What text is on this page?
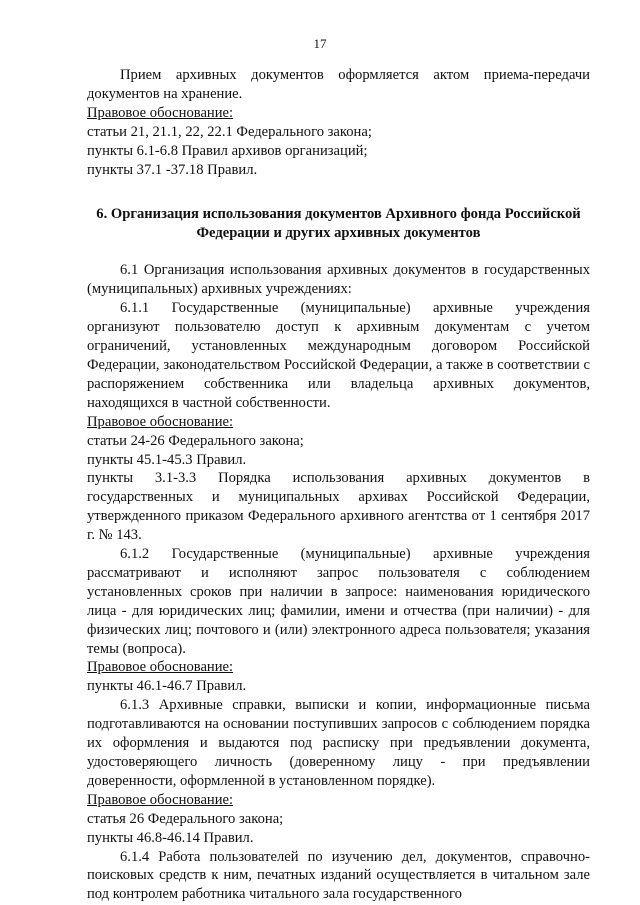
17

Прием архивных документов оформляется актом приема-передачи документов на хранение.

Правовое обоснование:

статьи 21, 21.1, 22, 22.1 Федерального закона;

пункты 6.1-6.8 Правил архивов организаций;

пункты 37.1 -37.18 Правил.

6. Организация использования документов Архивного фонда Российской
Федерации и других архивных документов

6.1 Организация использования архивных документов в государственных (муниципальных) архивных учреждениях:

6.1.1 Государственные (муниципальные) архивные учреждения организуют пользователю доступ к архивным документам с учетом ограничений, установленных международным договором Российской Федерации, законодательством Российской Федерации, а также в соответствии с распоряжением собственника или владельца архивных документов, находящихся в частной собственности.

Правовое обоснование:

статьи 24-26 Федерального закона;

пункты 45.1-45.3 Правил.

пункты 3.1-3.3 Порядка использования архивных документов в государственных и муниципальных архивах Российской Федерации, утвержденного приказом Федерального архивного агентства от 1 сентября 2017 г. № 143.

6.1.2 Государственные (муниципальные) архивные учреждения рассматривают и исполняют запрос пользователя с соблюдением установленных сроков при наличии в запросе: наименования юридического лица - для юридических лиц; фамилии, имени и отчества (при наличии) - для физических лиц; почтового и (или) электронного адреса пользователя; указания темы (вопроса).

Правовое обоснование:

пункты 46.1-46.7 Правил.

6.1.3 Архивные справки, выписки и копии, информационные письма подготавливаются на основании поступивших запросов с соблюдением порядка их оформления и выдаются под расписку при предъявлении документа, удостоверяющего личность (доверенному лицу - при предъявлении доверенности, оформленной в установленном порядке).

Правовое обоснование:

статья 26 Федерального закона;

пункты 46.8-46.14 Правил.

6.1.4 Работа пользователей по изучению дел, документов, справочно-поисковых средств к ним, печатных изданий осуществляется в читальном зале под контролем работника читального зала государственного
